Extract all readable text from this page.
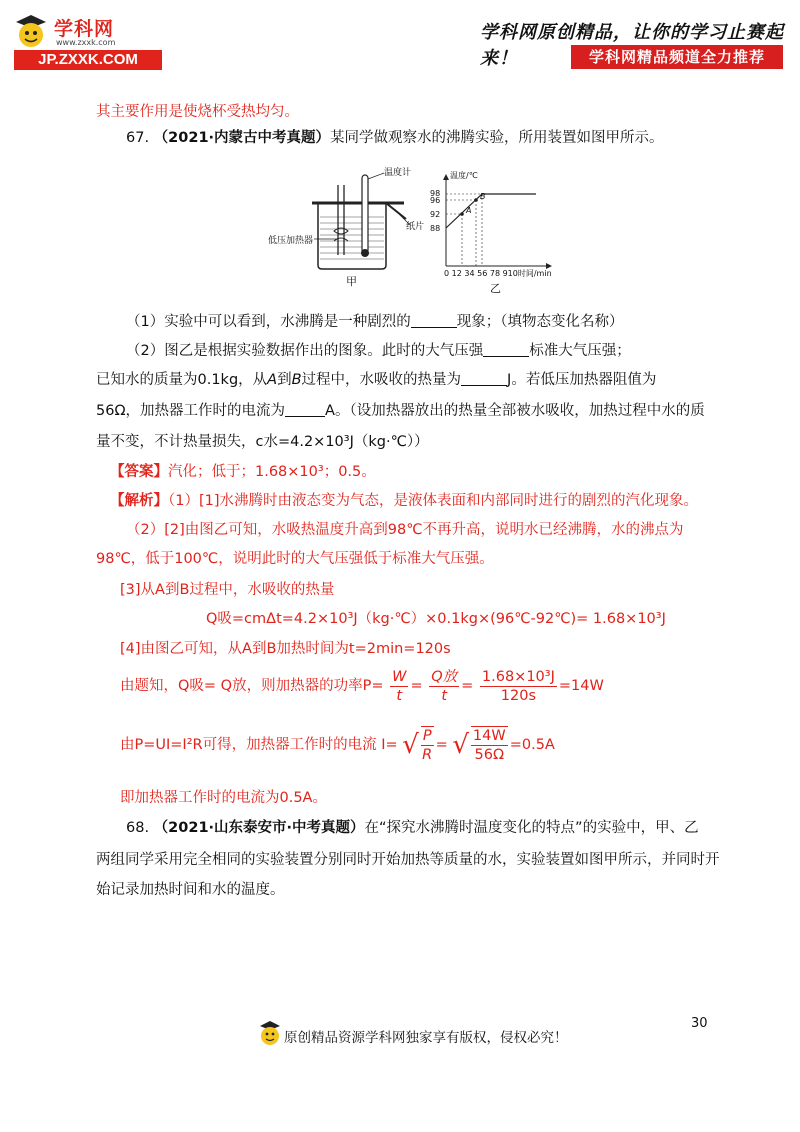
学科网
www.zxxk.com
JP.ZXXK.COM
学科网原创精品，让你的学习止赛起来！	学科网精品频道全力推荐
其主要作用是使烧杯受热均匀。
67. （2021·内蒙古中考真题）某同学做观察水的沸腾实验，所用装置如图甲所示。
温度计
纸片
低压加热器
甲
温度/℃
98
96
92
88
A
B
0 12 34 56 78 910时间/min
乙
（1）实验中可以看到，水沸腾是一种剧烈的	现象；（填物态变化名称）
（2）图乙是根据实验数据作出的图象。此时的大气压强	标准大气压强；
已知水的质量为0.1kg，从A到B过程中，水吸收的热量为	J。若低压加热器阻值为
56Ω，加热器工作时的电流为	A。（设加热器放出的热量全部被水吸收，加热过程中水的质
量不变，不计热量损失，c水=4.2×10³J（kg·℃））
【答案】汽化；低于；1.68×10³；0.5。
【解析】（1）[1]水沸腾时由液态变为气态，是液体表面和内部同时进行的剧烈的汽化现象。
（2）[2]由图乙可知，水吸热温度升高到98℃不再升高，说明水已经沸腾，水的沸点为
98℃，低于100℃，说明此时的大气压强低于标准大气压强。
[3]从A到B过程中，水吸收的热量
Q吸=cmΔt=4.2×10³J（kg·℃）×0.1kg×(96℃-92℃)= 1.68×10³J
[4]由图乙可知，从A到B加热时间为t=2min=120s
由题知，Q吸= Q放，则加热器的功率$P= \frac{W}{t} = \frac{\text{Q放}}{t} = \frac{\text{1.68×10³J}}{120s} =14W$
由P=UI=I²R可得，加热器工作时的电流 I= √ $\frac{P}{R}$ = √ $\frac{14W}{56\Omega} =0.5A$
即加热器工作时的电流为0.5A。
68. （2021·山东泰安市·中考真题）在“探究水沸腾时温度变化的特点”的实验中，甲、乙
两组同学采用完全相同的实验装置分别同时开始加热等质量的水，实验装置如图甲所示，并同时开
始记录加热时间和水的温度。
30
原创精品资源学科网独家享有版权，侵权必究！
